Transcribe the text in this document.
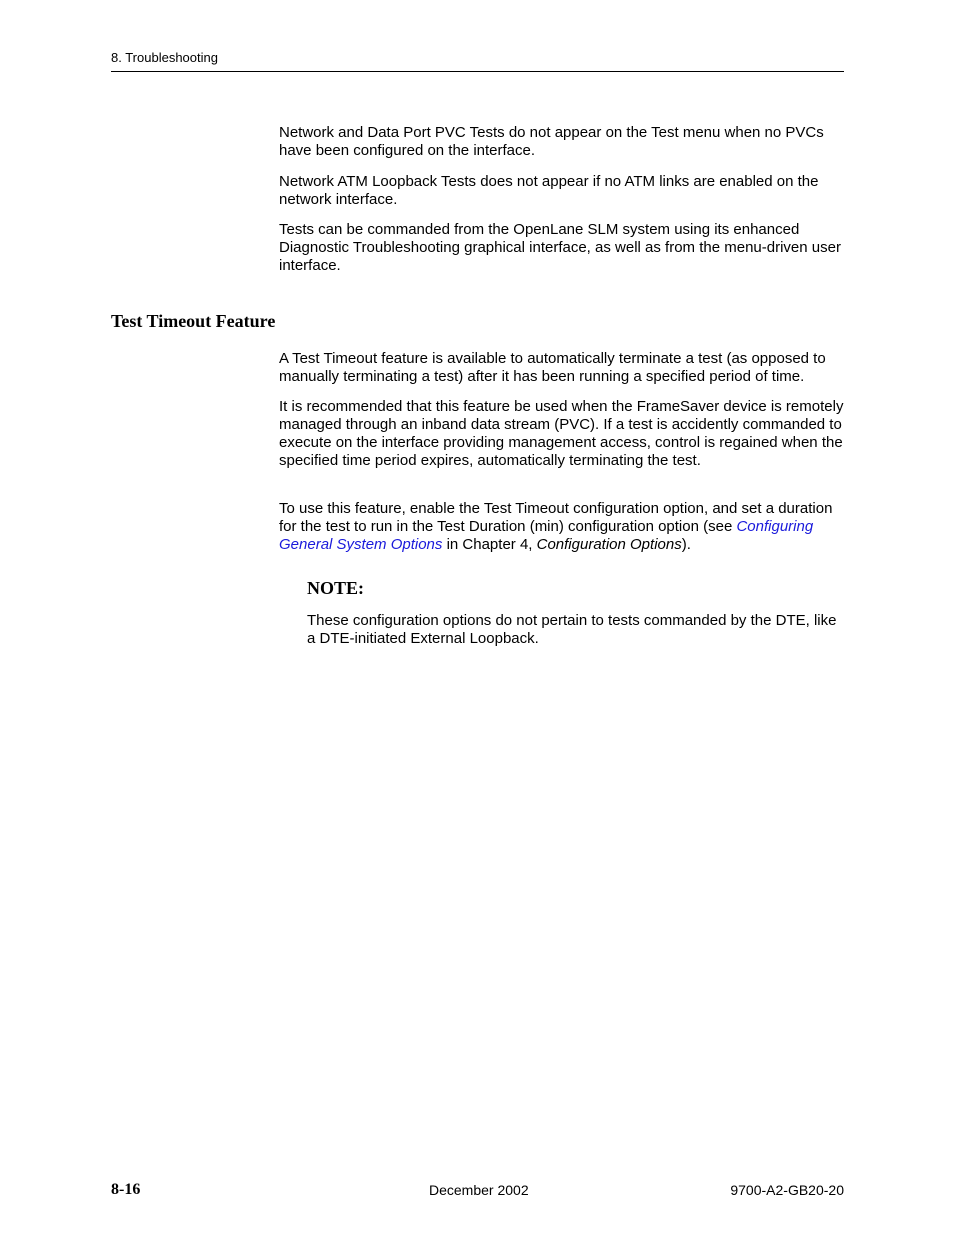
8. Troubleshooting

Network and Data Port PVC Tests do not appear on the Test menu when no PVCs have been configured on the interface.

Network ATM Loopback Tests does not appear if no ATM links are enabled on the network interface.

Tests can be commanded from the OpenLane SLM system using its enhanced Diagnostic Troubleshooting graphical interface, as well as from the menu-driven user interface.

Test Timeout Feature

A Test Timeout feature is available to automatically terminate a test (as opposed to manually terminating a test) after it has been running a specified period of time.

It is recommended that this feature be used when the FrameSaver device is remotely managed through an inband data stream (PVC). If a test is accidently commanded to execute on the interface providing management access, control is regained when the specified time period expires, automatically terminating the test.

To use this feature, enable the Test Timeout configuration option, and set a duration for the test to run in the Test Duration (min) configuration option (see Configuring General System Options in Chapter 4, Configuration Options).

NOTE:
These configuration options do not pertain to tests commanded by the DTE, like a DTE-initiated External Loopback.
8-16	December 2002	9700-A2-GB20-20
